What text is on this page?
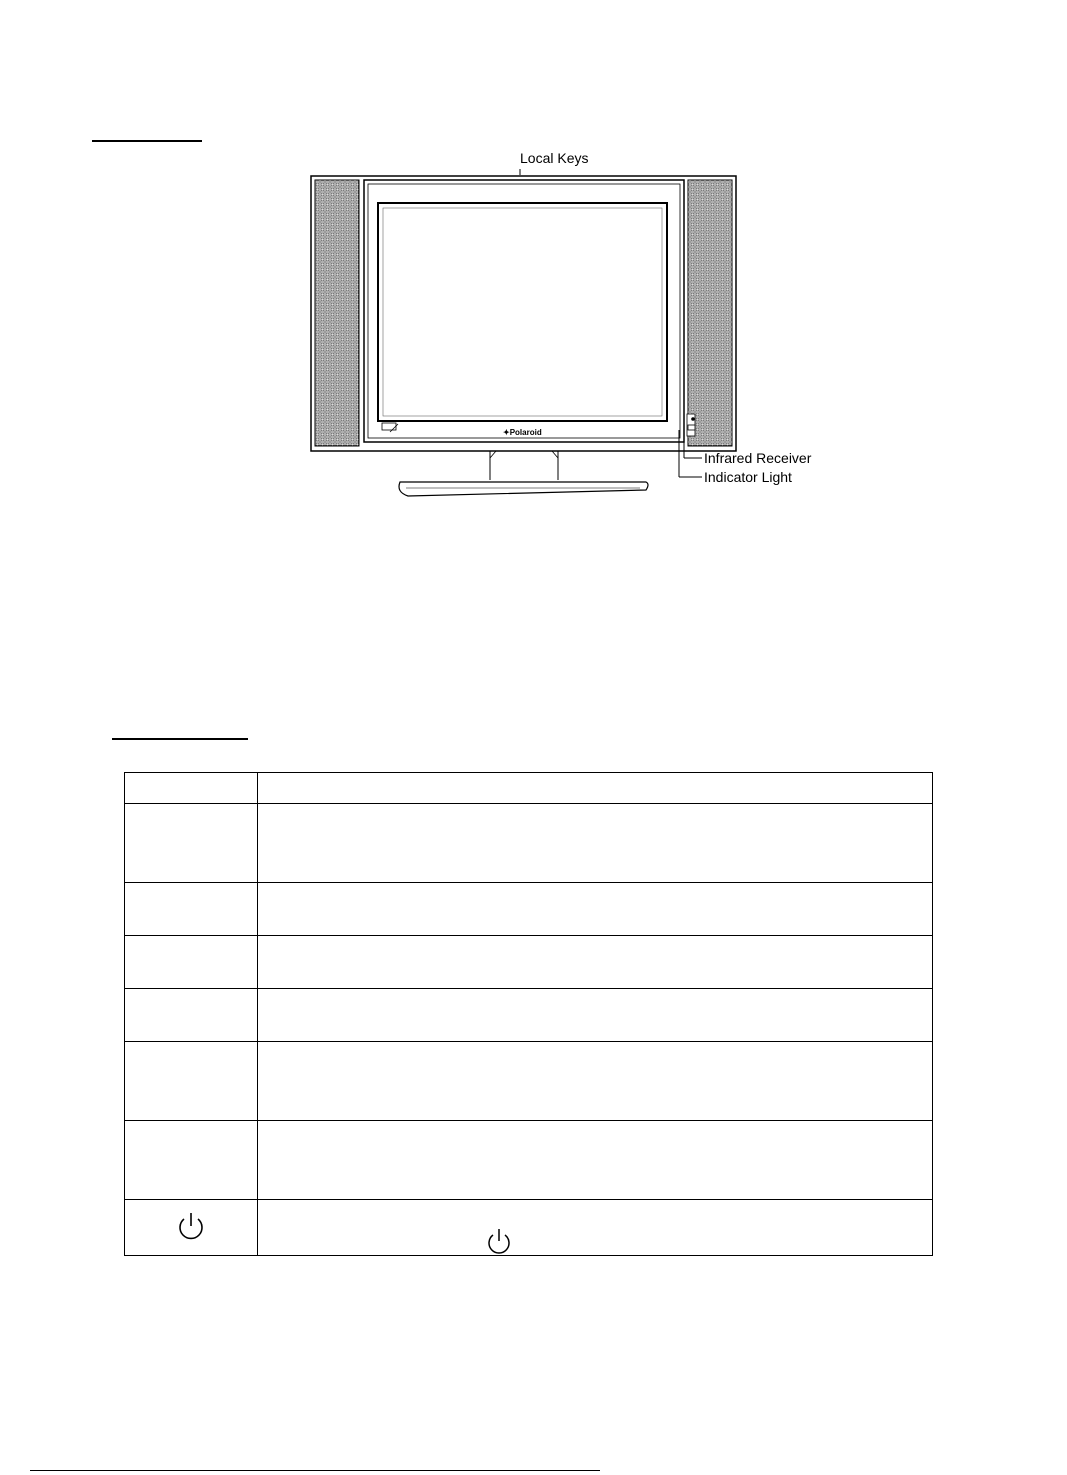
Local Keys
✦Polaroid
Infrared Receiver
Indicator Light
